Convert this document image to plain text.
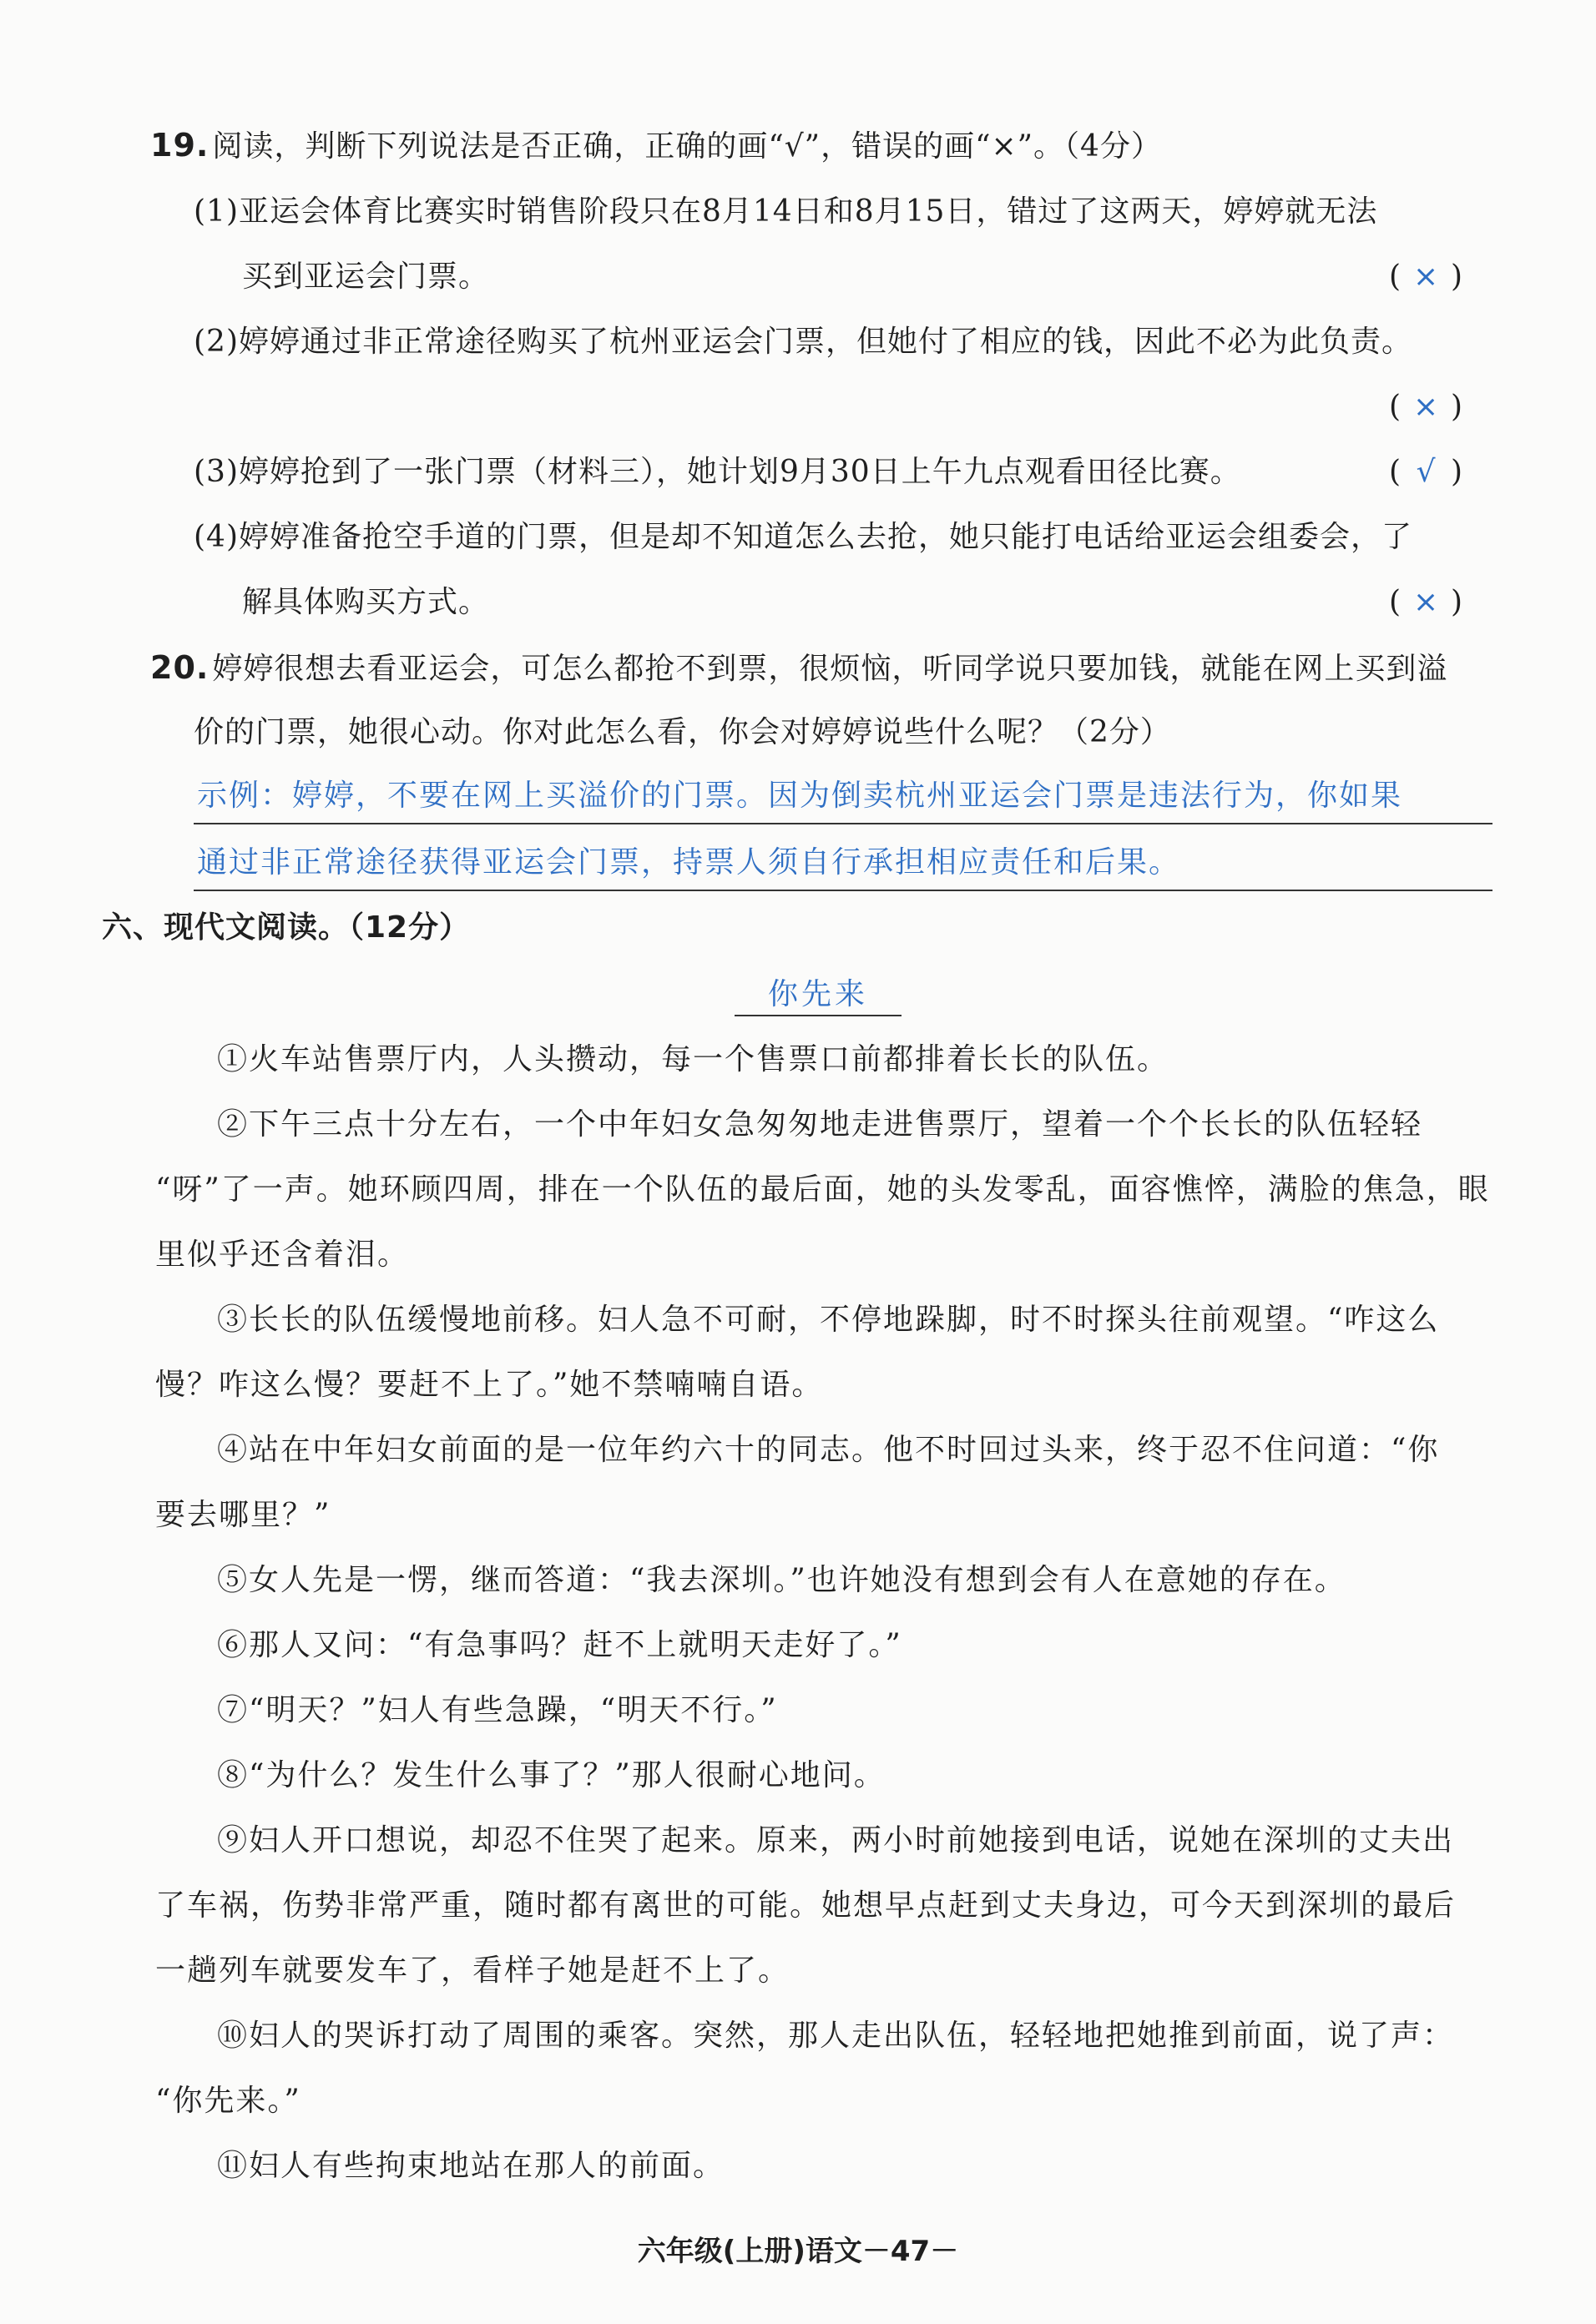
19. 阅读，判断下列说法是否正确，正确的画“√”，错误的画“×”。（4分）
(1)亚运会体育比赛实时销售阶段只在8月14日和8月15日，错过了这两天，婷婷就无法
买到亚运会门票。	( × )
(2)婷婷通过非正常途径购买了杭州亚运会门票，但她付了相应的钱，因此不必为此负责。
( × )
(3)婷婷抢到了一张门票（材料三），她计划9月30日上午九点观看田径比赛。	( √ )
(4)婷婷准备抢空手道的门票，但是却不知道怎么去抢，她只能打电话给亚运会组委会，了
解具体购买方式。	( × )
20. 婷婷很想去看亚运会，可怎么都抢不到票，很烦恼，听同学说只要加钱，就能在网上买到溢
价的门票，她很心动。你对此怎么看，你会对婷婷说些什么呢？（2分）
示例：婷婷，不要在网上买溢价的门票。因为倒卖杭州亚运会门票是违法行为，你如果
通过非正常途径获得亚运会门票，持票人须自行承担相应责任和后果。
六、现代文阅读。（12分）
你先来
①火车站售票厅内，人头攒动，每一个售票口前都排着长长的队伍。
②下午三点十分左右，一个中年妇女急匆匆地走进售票厅，望着一个个长长的队伍轻轻
“呀”了一声。她环顾四周，排在一个队伍的最后面，她的头发零乱，面容憔悴，满脸的焦急，眼
里似乎还含着泪。
③长长的队伍缓慢地前移。妇人急不可耐，不停地跺脚，时不时探头往前观望。“咋这么
慢？咋这么慢？要赶不上了。”她不禁喃喃自语。
④站在中年妇女前面的是一位年约六十的同志。他不时回过头来，终于忍不住问道：“你
要去哪里？”
⑤女人先是一愣，继而答道：“我去深圳。”也许她没有想到会有人在意她的存在。
⑥那人又问：“有急事吗？赶不上就明天走好了。”
⑦“明天？”妇人有些急躁，“明天不行。”
⑧“为什么？发生什么事了？”那人很耐心地问。
⑨妇人开口想说，却忍不住哭了起来。原来，两小时前她接到电话，说她在深圳的丈夫出
了车祸，伤势非常严重，随时都有离世的可能。她想早点赶到丈夫身边，可今天到深圳的最后
一趟列车就要发车了，看样子她是赶不上了。
⑩妇人的哭诉打动了周围的乘客。突然，那人走出队伍，轻轻地把她推到前面，说了声：
“你先来。”
⑪妇人有些拘束地站在那人的前面。
六年级(上册)语文－47－
